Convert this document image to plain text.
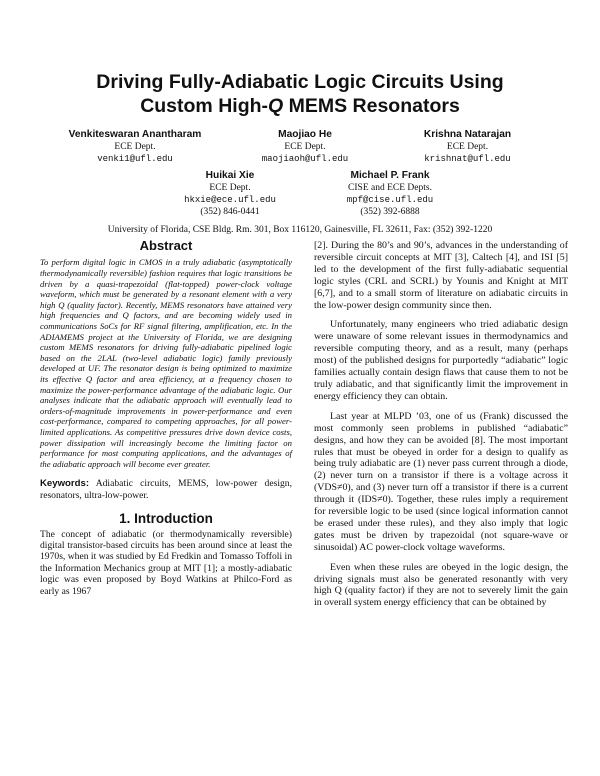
Driving Fully-Adiabatic Logic Circuits Using
Custom High-Q MEMS Resonators
Venkiteswaran Anantharam
ECE Dept.
venki1@ufl.edu
Maojiao He
ECE Dept.
maojiaoh@ufl.edu
Krishna Natarajan
ECE Dept.
krishnat@ufl.edu
Huikai Xie
ECE Dept.
hkxie@ece.ufl.edu
(352) 846-0441
Michael P. Frank
CISE and ECE Depts.
mpf@cise.ufl.edu
(352) 392-6888
University of Florida, CSE Bldg. Rm. 301, Box 116120, Gainesville, FL 32611, Fax: (352) 392-1220
Abstract

To perform digital logic in CMOS in a truly adiabatic (asymptotically thermodynamically reversible) fashion requires that logic transitions be driven by a quasi-trapezoidal (flat-topped) power-clock voltage waveform, which must be generated by a resonant element with a very high Q (quality factor). Recently, MEMS resonators have attained very high frequencies and Q factors, and are becoming widely used in communications SoCs for RF signal filtering, amplification, etc. In the ADIAMEMS project at the University of Florida, we are designing custom MEMS resonators for driving fully-adiabatic pipelined logic based on the 2LAL (two-level adiabatic logic) family previously developed at UF. The resonator design is being optimized to maximize its effective Q factor and area efficiency, at a frequency chosen to maximize the power-performance advantage of the adiabatic logic. Our analyses indicate that the adiabatic approach will eventually lead to orders-of-magnitude improvements in power-performance and even cost-performance, compared to competing approaches, for all power-limited applications. As competitive pressures drive down device costs, power dissipation will increasingly become the limiting factor on performance for most computing applications, and the advantages of the adiabatic approach will become ever greater.

Keywords: Adiabatic circuits, MEMS, low-power design, resonators, ultra-low-power.

1. Introduction

The concept of adiabatic (or thermodynamically reversible) digital transistor-based circuits has been around since at least the 1970s, when it was studied by Ed Fredkin and Tomasso Toffoli in the Information Mechanics group at MIT [1]; a mostly-adiabatic logic was even proposed by Boyd Watkins at Philco-Ford as early as 1967

[2]. During the 80’s and 90’s, advances in the understanding of reversible circuit concepts at MIT [3], Caltech [4], and ISI [5] led to the development of the first fully-adiabatic sequential logic styles (CRL and SCRL) by Younis and Knight at MIT [6,7], and to a small storm of literature on adiabatic circuits in the low-power design community since then.

Unfortunately, many engineers who tried adiabatic design were unaware of some relevant issues in thermodynamics and reversible computing theory, and as a result, many (perhaps most) of the published designs for purportedly “adiabatic” logic families actually contain design flaws that cause them to not be truly adiabatic, and that significantly limit the improvement in energy efficiency they can obtain.

Last year at MLPD ’03, one of us (Frank) discussed the most commonly seen problems in published “adiabatic” designs, and how they can be avoided [8]. The most important rules that must be obeyed in order for a design to qualify as being truly adiabatic are (1) never pass current through a diode, (2) never turn on a transistor if there is a voltage across it (VDS≠0), and (3) never turn off a transistor if there is a current through it (IDS≠0). Together, these rules imply a requirement for reversible logic to be used (since logical information cannot be erased under these rules), and they also imply that logic gates must be driven by trapezoidal (not square-wave or sinusoidal) AC power-clock voltage waveforms.

Even when these rules are obeyed in the logic design, the driving signals must also be generated resonantly with very high Q (quality factor) if they are not to severely limit the gain in overall system energy efficiency that can be obtained by
